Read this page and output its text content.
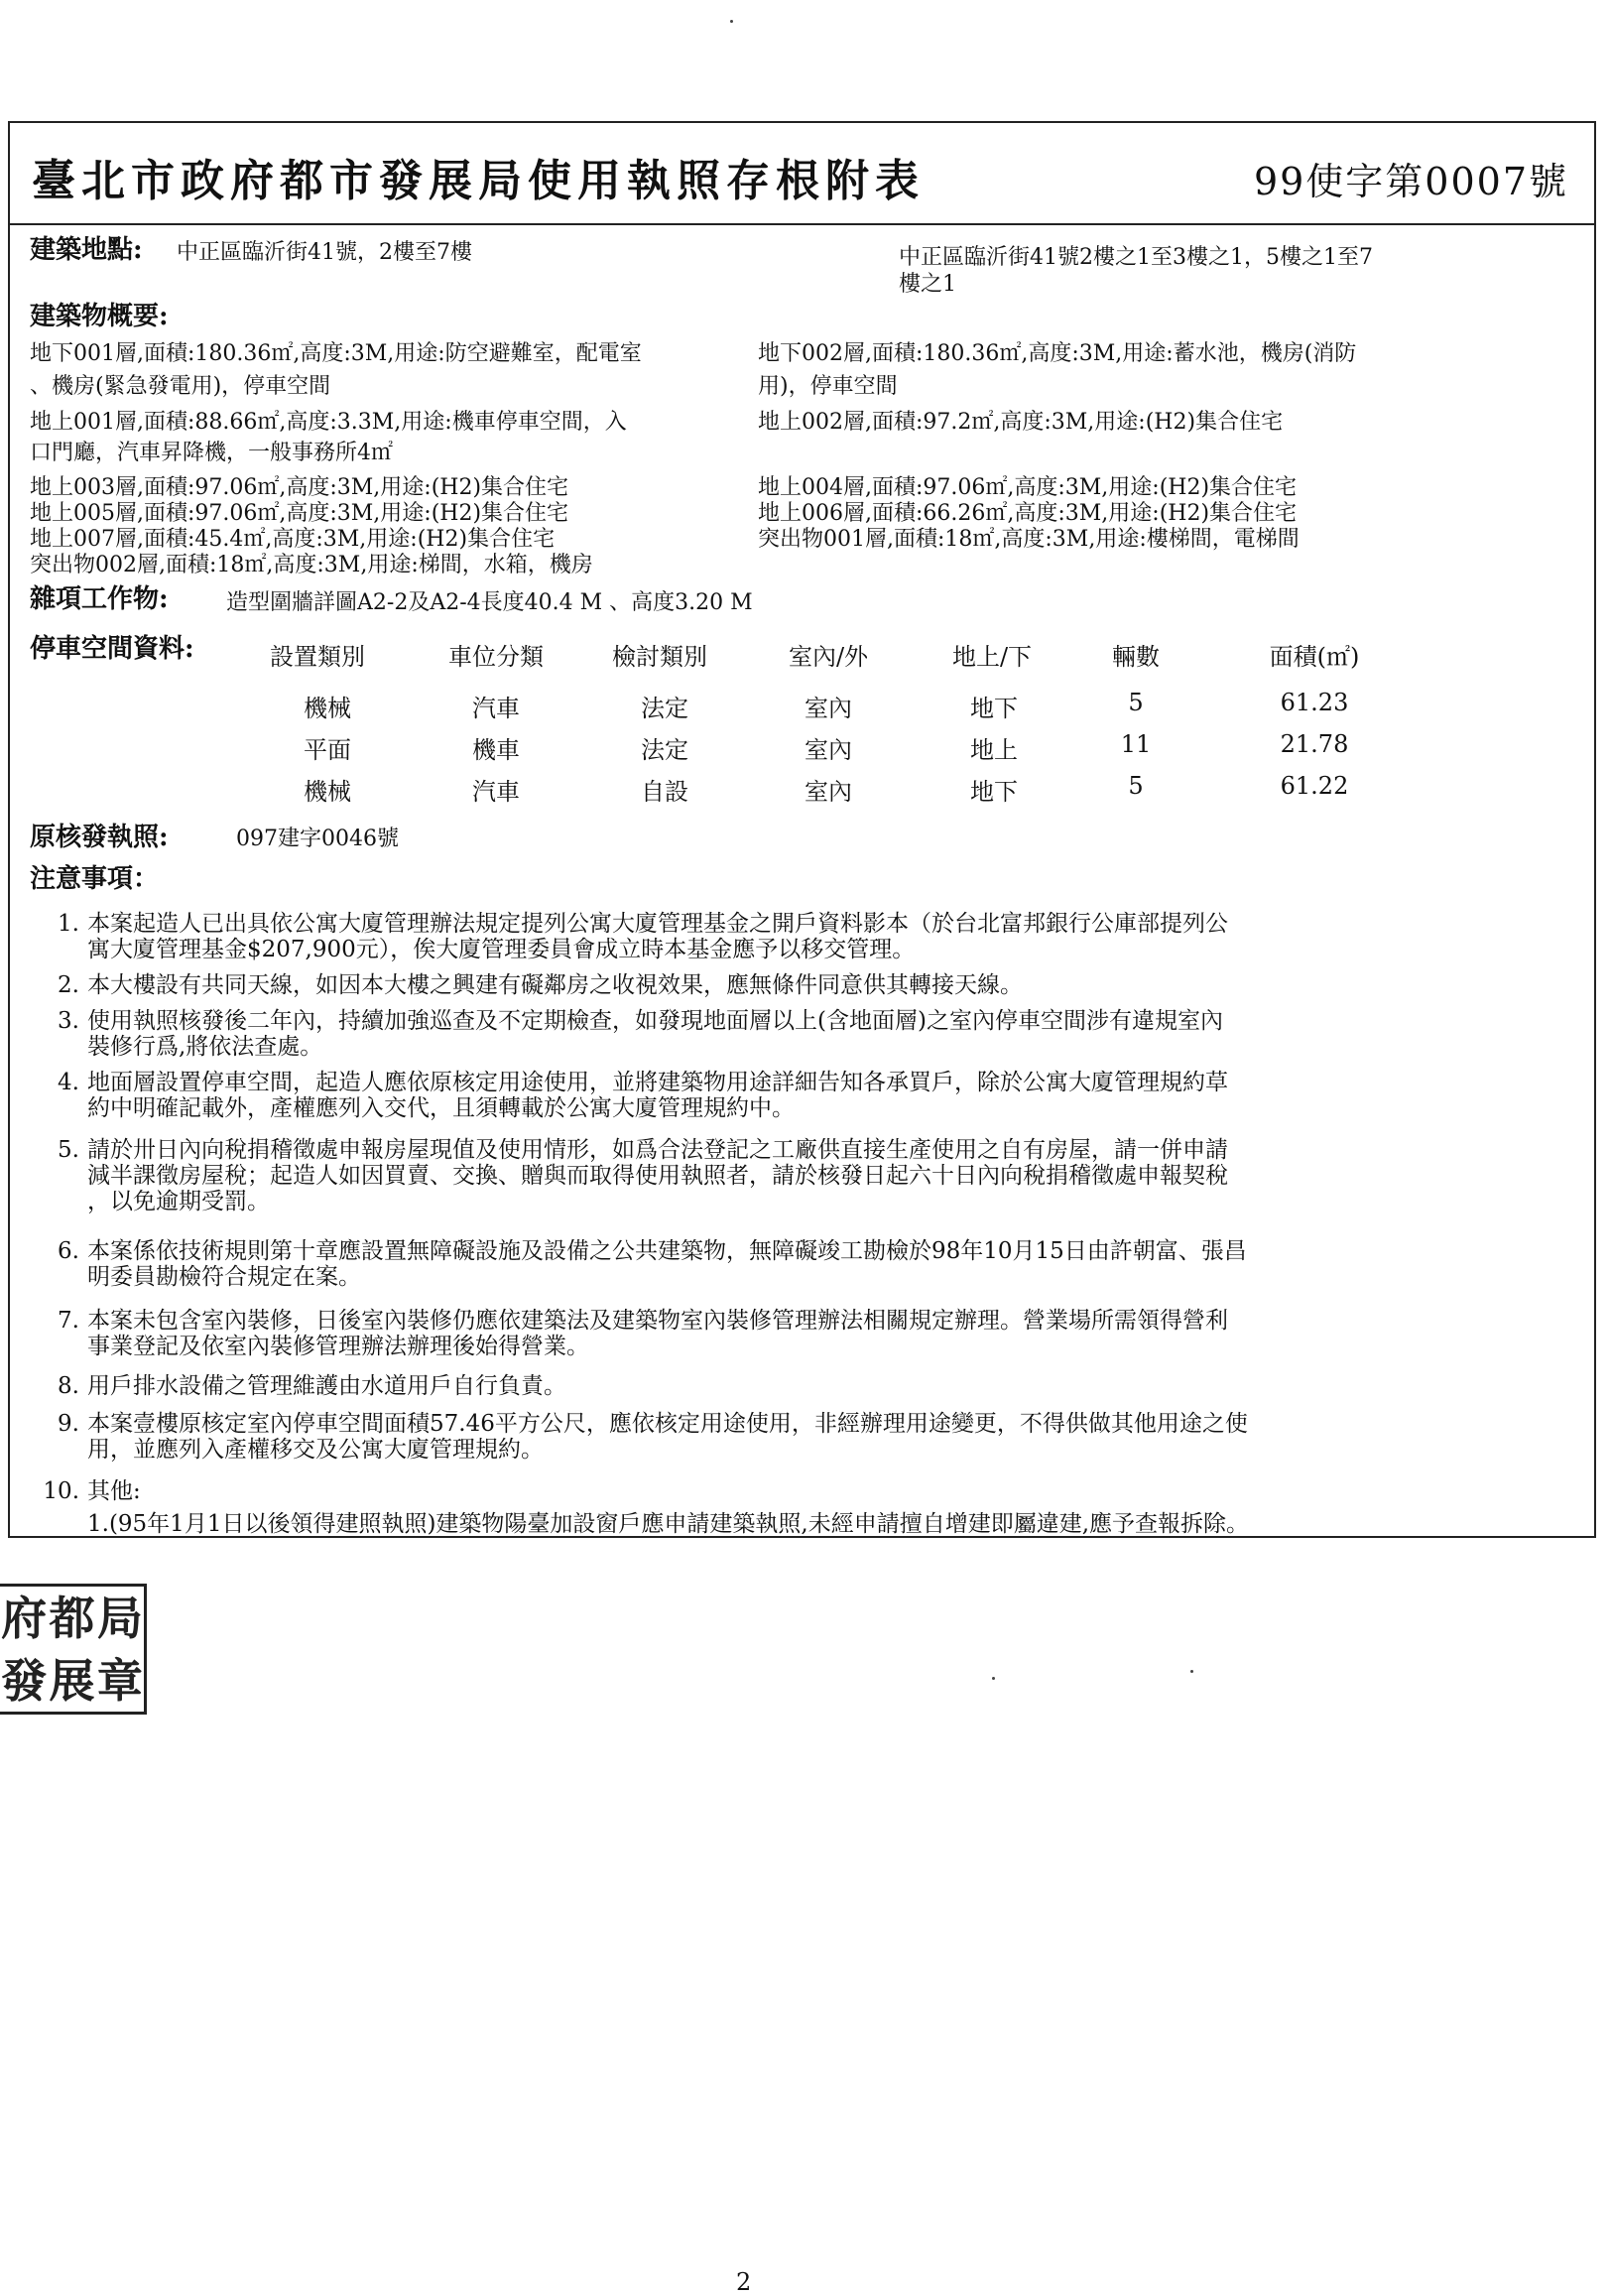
臺北市政府都市發展局使用執照存根附表	99使字第0007號
建築地點: 中正區臨沂街41號，2樓至7樓	中正區臨沂街41號2樓之1至3樓之1，5樓之1至7
樓之1
建築物概要:
地下001層,面積:180.36㎡,高度:3M,用途:防空避難室，配電室	地下002層,面積:180.36㎡,高度:3M,用途:蓄水池，機房(消防
、機房(緊急發電用)，停車空間	用)，停車空間
地上001層,面積:88.66㎡,高度:3.3M,用途:機車停車空間，入	地上002層,面積:97.2㎡,高度:3M,用途:(H2)集合住宅
口門廳，汽車昇降機，一般事務所4㎡
地上003層,面積:97.06㎡,高度:3M,用途:(H2)集合住宅	地上004層,面積:97.06㎡,高度:3M,用途:(H2)集合住宅
地上005層,面積:97.06㎡,高度:3M,用途:(H2)集合住宅	地上006層,面積:66.26㎡,高度:3M,用途:(H2)集合住宅
地上007層,面積:45.4㎡,高度:3M,用途:(H2)集合住宅	突出物001層,面積:18㎡,高度:3M,用途:樓梯間，電梯間
突出物002層,面積:18㎡,高度:3M,用途:梯間，水箱，機房
雜項工作物:	造型圍牆詳圖A2-2及A2-4長度40.4 M 、高度3.20 M
停車空間資料:	設置類別	車位分類	檢討類別	室內/外	地上/下	輛數	面積(㎡)
機械	汽車	法定	室內	地下	5	61.23
平面	機車	法定	室內	地上	11	21.78
機械	汽車	自設	室內	地下	5	61.22
原核發執照:	097建字0046號
注意事項：
1. 本案起造人已出具依公寓大廈管理辦法規定提列公寓大廈管理基金之開戶資料影本（於台北富邦銀行公庫部提列公
寓大廈管理基金$207,900元），俟大廈管理委員會成立時本基金應予以移交管理。
2. 本大樓設有共同天線，如因本大樓之興建有礙鄰房之收視效果，應無條件同意供其轉接天線。
3. 使用執照核發後二年內，持續加強巡查及不定期檢查，如發現地面層以上(含地面層)之室內停車空間涉有違規室內
裝修行爲,將依法查處。
4. 地面層設置停車空間，起造人應依原核定用途使用，並將建築物用途詳細告知各承買戶，除於公寓大廈管理規約草
約中明確記載外，產權應列入交代，且須轉載於公寓大廈管理規約中。
5. 請於卅日內向稅捐稽徵處申報房屋現值及使用情形，如爲合法登記之工廠供直接生產使用之自有房屋，請一併申請
減半課徵房屋稅；起造人如因買賣、交換、贈與而取得使用執照者，請於核發日起六十日內向稅捐稽徵處申報契稅
，以免逾期受罰。
6. 本案係依技術規則第十章應設置無障礙設施及設備之公共建築物，無障礙竣工勘檢於98年10月15日由許朝富、張昌
明委員勘檢符合規定在案。
7. 本案未包含室內裝修，日後室內裝修仍應依建築法及建築物室內裝修管理辦法相關規定辦理。營業場所需領得營利
事業登記及依室內裝修管理辦法辦理後始得營業。
8. 用戶排水設備之管理維護由水道用戶自行負責。
9. 本案壹樓原核定室內停車空間面積57.46平方公尺，應依核定用途使用，非經辦理用途變更，不得供做其他用途之使
用，並應列入產權移交及公寓大廈管理規約。
10. 其他:
1.(95年1月1日以後領得建照執照)建築物陽臺加設窗戶應申請建築執照,未經申請擅自增建即屬違建,應予查報拆除。
府 都 局
發 展 章
2
